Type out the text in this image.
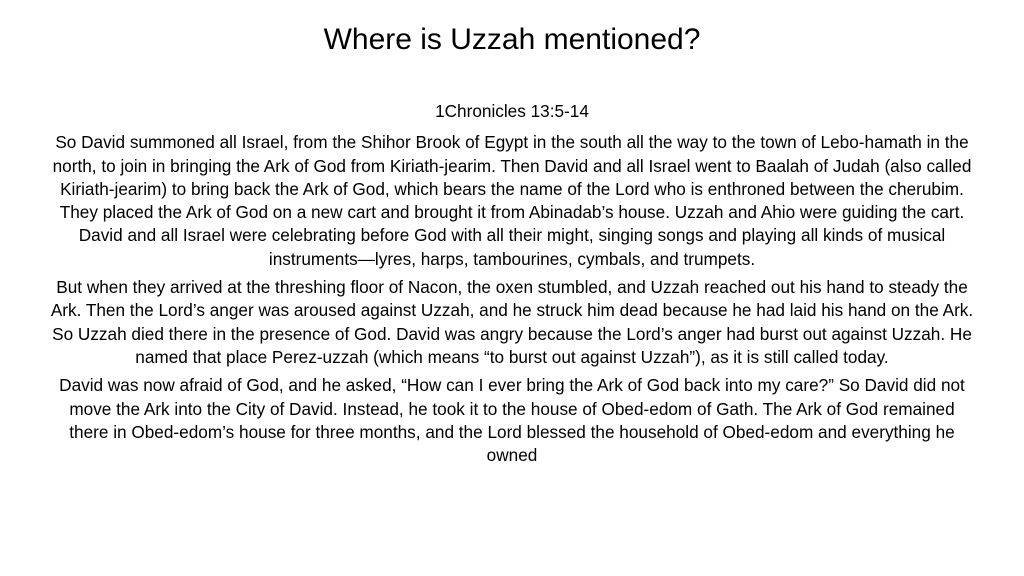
Where is Uzzah mentioned?

1Chronicles 13:5-14

So David summoned all Israel, from the Shihor Brook of Egypt in the south all the way to the town of Lebo-hamath in the north, to join in bringing the Ark of God from Kiriath-jearim. Then David and all Israel went to Baalah of Judah (also called Kiriath-jearim) to bring back the Ark of God, which bears the name of the Lord who is enthroned between the cherubim. They placed the Ark of God on a new cart and brought it from Abinadab’s house. Uzzah and Ahio were guiding the cart. David and all Israel were celebrating before God with all their might, singing songs and playing all kinds of musical instruments—lyres, harps, tambourines, cymbals, and trumpets.

But when they arrived at the threshing floor of Nacon, the oxen stumbled, and Uzzah reached out his hand to steady the Ark. Then the Lord’s anger was aroused against Uzzah, and he struck him dead because he had laid his hand on the Ark. So Uzzah died there in the presence of God. David was angry because the Lord’s anger had burst out against Uzzah. He named that place Perez-uzzah (which means “to burst out against Uzzah”), as it is still called today.

David was now afraid of God, and he asked, “How can I ever bring the Ark of God back into my care?” So David did not move the Ark into the City of David. Instead, he took it to the house of Obed-edom of Gath. The Ark of God remained there in Obed-edom’s house for three months, and the Lord blessed the household of Obed-edom and everything he owned
